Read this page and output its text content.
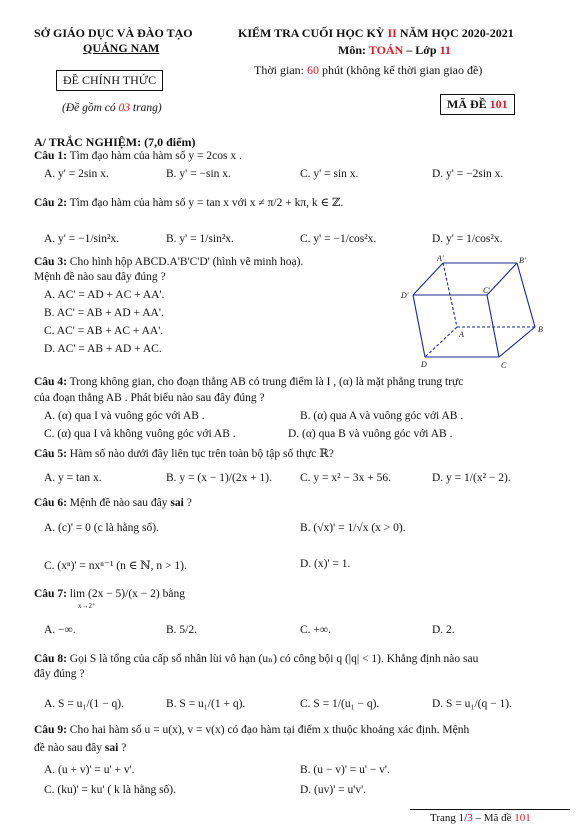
SỞ GIÁO DỤC VÀ ĐÀO TẠO
QUẢNG NAM
ĐỀ CHÍNH THỨC
(Đề gồm có 03 trang)
KIỂM TRA CUỐI HỌC KỲ II NĂM HỌC 2020-2021
Môn: TOÁN – Lớp 11
Thời gian: 60 phút (không kể thời gian giao đề)
MÃ ĐỀ 101
A/ TRẮC NGHIỆM: (7,0 điểm)
Câu 1: Tìm đạo hàm của hàm số y = 2cos x .
A. y' = 2sin x.	B. y' = −sin x.	C. y' = sin x.	D. y' = −2sin x.
Câu 2: Tìm đạo hàm của hàm số y = tan x với x ≠ π/2 + kπ, k ∈ ℤ.
A. y' = −1/sin²x.	B. y' = 1/sin²x.	C. y' = −1/cos²x.	D. y' = 1/cos²x.
Câu 3: Cho hình hộp ABCD.A'B'C'D' (hình vẽ minh hoạ).
Mệnh đề nào sau đây đúng ?
A. AC' = AD + AC + AA'.
B. AC' = AB + AD + AA'.
C. AC' = AB + AC + AA'.
D. AC' = AB + AD + AC.
A'	B'
C'
D'
A
B
C
D
Câu 4: Trong không gian, cho đoạn thẳng AB có trung điểm là I , (α) là mặt phẳng trung trực
của đoạn thẳng AB . Phát biểu nào sau đây đúng ?
A. (α) qua I và vuông góc với AB .	B. (α) qua A và vuông góc với AB .
C. (α) qua I và không vuông góc với AB .	D. (α) qua B và vuông góc với AB .
Câu 5: Hàm số nào dưới đây liên tục trên toàn bộ tập số thực ℝ?
A. y = tan x.	B. y = (x − 1)/(2x + 1). C. y = x² − 3x + 56.	D. y = 1/(x² − 2).
Câu 6: Mệnh đề nào sau đây sai ?
A. (c)' = 0 (c là hằng số).	B. (√x)' = 1/√x (x > 0).
C. (xⁿ)' = nxⁿ⁻¹ (n ∈ ℕ, n > 1).	D. (x)' = 1.
Câu 7: lim (2x − 5)/(x − 2) bằng
x→2⁺
A. −∞.	B. 5/2.	C. +∞.	D. 2.
Câu 8: Gọi S là tổng của cấp số nhân lùi vô hạn (uₙ) có công bội q (|q| < 1). Khẳng định nào sau
đây đúng ?
A. S = u₁/(1 − q).	B. S = u₁/(1 + q).	C. S = 1/(u₁ − q).	D. S = u₁/(q − 1).
Câu 9: Cho hai hàm số u = u(x), v = v(x) có đạo hàm tại điểm x thuộc khoảng xác định. Mệnh
đề nào sau đây sai ?
A. (u + v)' = u' + v'.	B. (u − v)' = u' − v'.
C. (ku)' = ku' ( k là hằng số).	D. (uv)' = u'v'.
Trang 1/3 – Mã đề 101
